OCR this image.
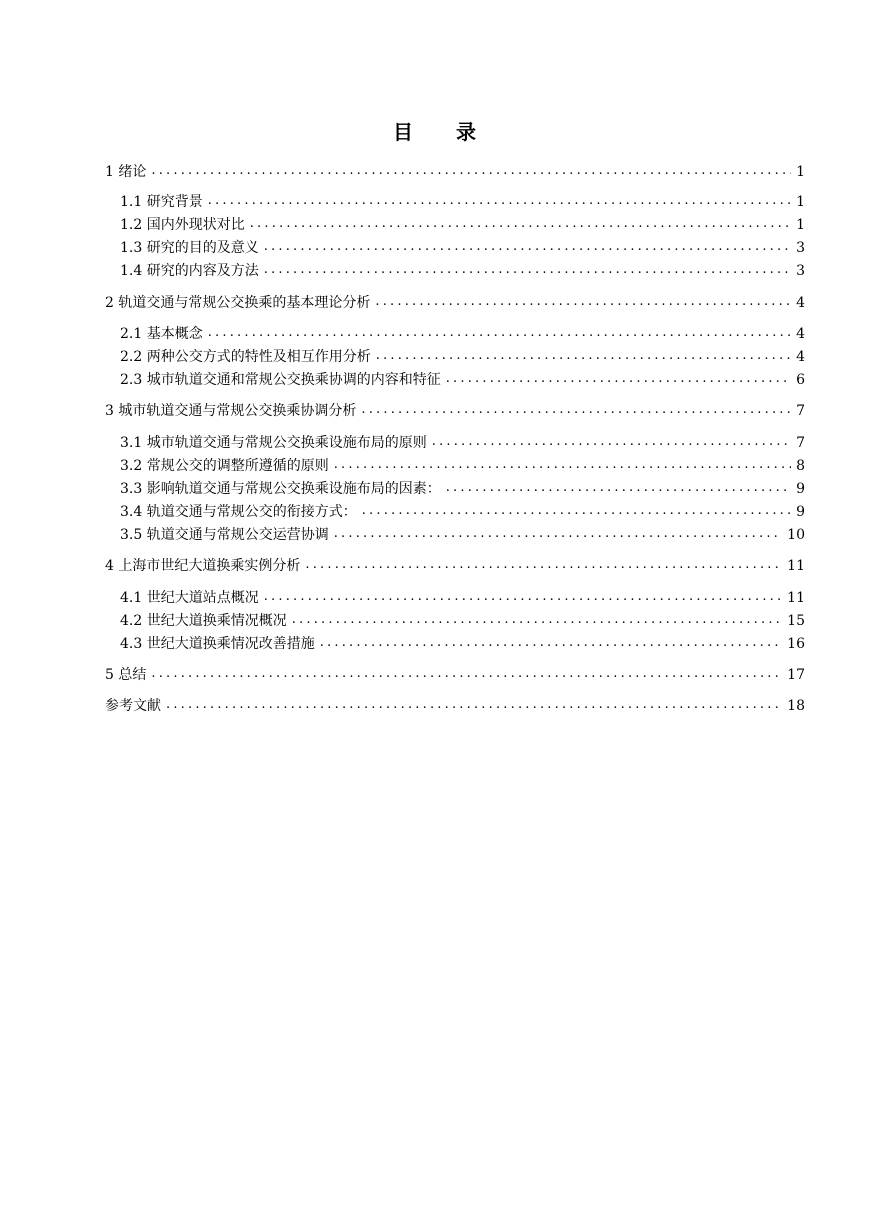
目 录
1 绪论 .....	1
1.1 研究背景 .....	1
1.2 国内外现状对比 .....	1
1.3 研究的目的及意义 .....	3
1.4 研究的内容及方法 .....	3
2 轨道交通与常规公交换乘的基本理论分析 .....	4
2.1 基本概念 .....	4
2.2 两种公交方式的特性及相互作用分析 .....	4
2.3 城市轨道交通和常规公交换乘协调的内容和特征 .....	6
3 城市轨道交通与常规公交换乘协调分析 .....	7
3.1 城市轨道交通与常规公交换乘设施布局的原则 .....	7
3.2 常规公交的调整所遵循的原则 .....	8
3.3 影响轨道交通与常规公交换乘设施布局的因素： .....	9
3.4 轨道交通与常规公交的衔接方式： .....	9
3.5 轨道交通与常规公交运营协调 .....	10
4 上海市世纪大道换乘实例分析 .....	11
4.1 世纪大道站点概况 .....	11
4.2 世纪大道换乘情况概况 .....	15
4.3 世纪大道换乘情况改善措施 .....	16
5 总结 .....	17
参考文献 .....	18
